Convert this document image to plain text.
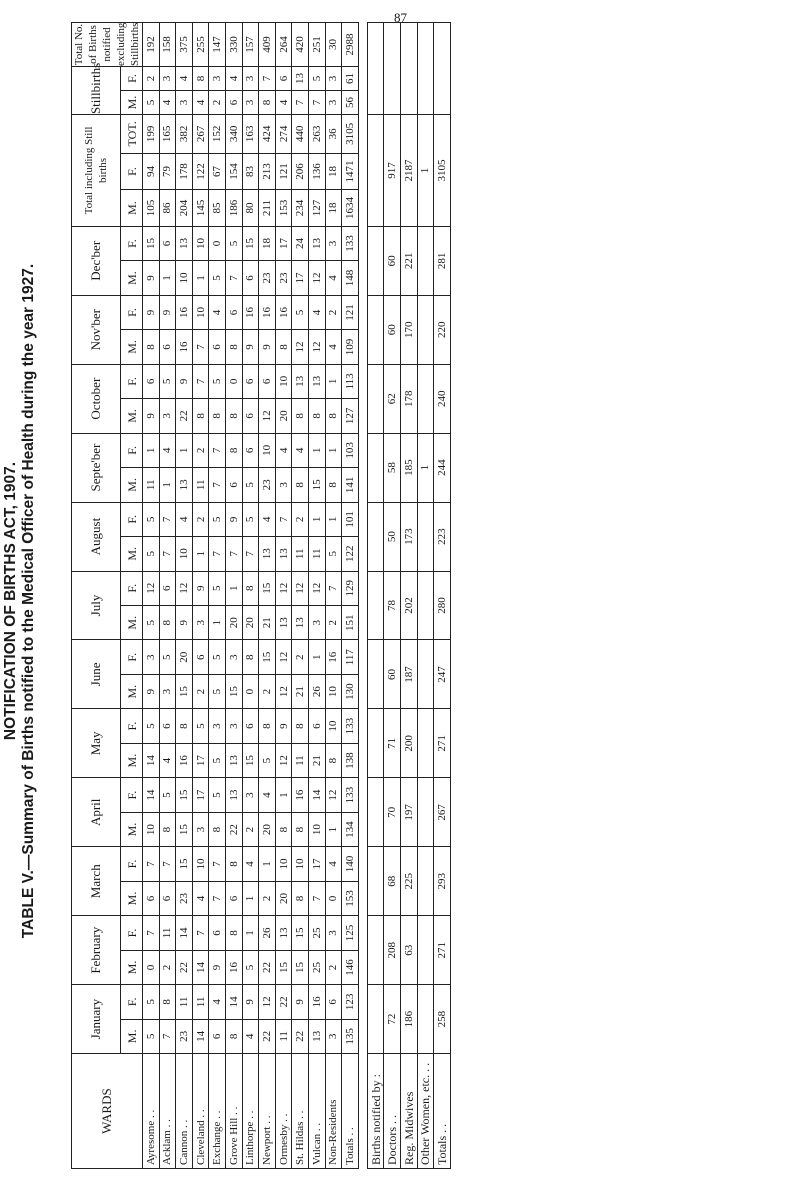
87
NOTIFICATION OF BIRTHS ACT, 1907.
TABLE V.—Summary of Births notified to the Medical Officer of Health during the year 1927.
WARDS	January		February		March		April		May		June		July		August		Septe'ber		October		Nov'ber		Dec'ber		Total including Still births			Stillbirths		Total No. of Births notified excluding Stillbirths
	M.	F.	M.	F.	M.	F.	M.	F.	M.	F.	M.	F.	M.	F.	M.	F.	M.	F.	M.	F.	M.	F.	M.	F.	M.	F.	TOT.	M.	F.	
Ayresome . .	5	5	0	7	6	7	10	14	14	5	9	3	5	12	5	5	11	1	9	6	8	9	9	15	105	94	199	5	2	192
Acklam . .	7	8	2	11	6	7	8	5	4	6	3	5	8	6	7	7	1	4	3	5	6	9	1	6	86	79	165	4	3	158
Cannon . .	23	11	22	14	23	15	15	15	16	8	15	20	9	12	10	4	13	1	22	9	16	16	10	13	204	178	382	3	4	375
Cleveland . .	14	11	14	7	4	10	3	17	17	5	2	6	3	9	1	2	11	2	8	7	7	10	1	10	145	122	267	4	8	255
Exchange . .	6	4	9	6	7	7	8	5	5	3	5	5	1	5	7	5	7	7	8	5	6	4	5	0	85	67	152	2	3	147
Grove Hill . .	8	14	16	8	6	8	22	13	13	3	15	3	20	1	7	9	6	8	8	0	8	6	7	5	186	154	340	6	4	330
Linthorpe . .	4	9	5	1	1	4	2	3	15	6	0	8	20	8	7	5	5	6	6	6	9	16	6	15	80	83	163	3	3	157
Newport . .	22	12	22	26	2	1	20	4	5	8	2	15	21	15	13	4	23	10	12	6	9	16	23	18	211	213	424	8	7	409
Ormesby . .	11	22	15	13	20	10	8	1	12	9	12	12	13	12	13	7	3	4	20	10	8	16	23	17	153	121	274	4	6	264
St. Hildas . .	22	9	15	15	8	10	8	16	11	8	21	2	13	12	11	2	8	4	8	13	12	5	17	24	234	206	440	7	13	420
Vulcan . .	13	16	25	25	7	17	10	14	21	6	26	1	3	12	11	1	15	1	8	13	12	4	12	13	127	136	263	7	5	251
Non-Residents	3	6	2	3	0	4	1	12	8	10	10	16	2	7	5	1	8	1	8	1	4	2	4	3	18	18	36	3	3	30
Totals . .	135	123	146	125	153	140	134	133	138	133	130	117	151	129	122	101	141	103	127	113	109	121	148	133	1634	1471	3105	56	61	2988
Births notified by :														
Doctors . .	72	208	68	70	71	60	78	50	58	62	60	60	917	
Reg. Midwives	186	63	225	197	200	187	202	173	185	178	170	221	2187	
Other Women, etc. . .									1				1	
Totals . .	258	271	293	267	271	247	280	223	244	240	220	281	3105	
